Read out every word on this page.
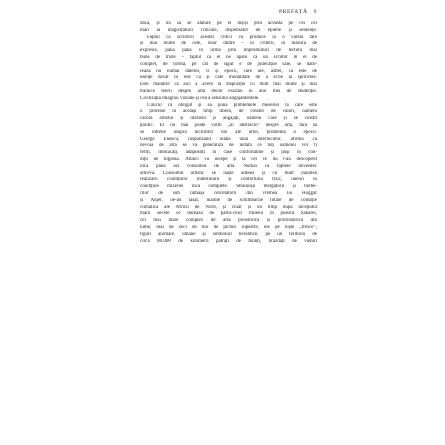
PREFAȚĂ 9
dacă, și nu să se alăture pe ei înșiși prin aceasta pe cei cei
mari ai magistraturii criticale, dispensator de epitete și sentențe.
Faptul că scriitorii acestei critici va produce la o vârstă tare
și mai multe de cele, doar dintre – în criterii, în măsura de
expresie, până până în urmă prin împrumuturi de lectură mai
bune de triste – faptul că el ne apare ca un scriitor în el de
complet, de forma, pe cât de sigur e de judecățile sale, se dato-
rează nu numai datelor, ci și epocii, care are, astfel, că este de
esențe decât în rest ca și cale modalitate de a scrie la sprincele.
Este mândrie că aici a avem la dispoziție cu mult mai multe și mai
trainice teorii despre artă decât existau în anii mei de studenție.
Civilizația imaginii vizuale și cea a sensului angajamentele.
Cinicul că obligat și să pună problemele meseriei la care este
o profesie în același timp liberă, de creator de valori, oameni
cărora artistul și literatul și angajați, oameni care și se cinstit
politic. El nu mai poate vorbi „în abstracto” despre artă, fără să
se întrebe asupra lucrurilor noi ale artei, problemă a epocii.
George Enescu, răspunzând odată unui interlocutor, afirmă că
nevoia de artă se va generaliza de îndată ce toți oamenii vor fi
feriți, îmbrăcați, adăpostiți în case confortabile și puși în con-
diții de higienă. Atunci va începe și la cei ce nu l-au descoperit
încă până azi consumul de artă. Numai că faptele dovedesc
altceva. Consumul artistic se naște adesea și cu mult înaintea
realizării condițiilor îndestulării și confortului fizic, uneori în
condițiile mizeriei încă complete. Străinoșii mergătorii și berbe-
rilor de sub cămașa cercetătorii din vremea lui Hoggar
și Adjer, ne-au lăsat, înainte de schimbările totale de condiție
climatică ale Africii de Nord, și chiar și un timp după începutul
marii secete ce durează de patru-cinci milenii în pustiul Saharei,
cel mai mare complex de artă preistorică și protoistorică din
lume, mai de zeci de mii de picturi rupestre, ele pe niște „fresce”,
figuri animale, umane și simboluri heraldice, pe un teritoriu de
circa 80.000 de kilometri pătrați de munți, brazdați de văduri
